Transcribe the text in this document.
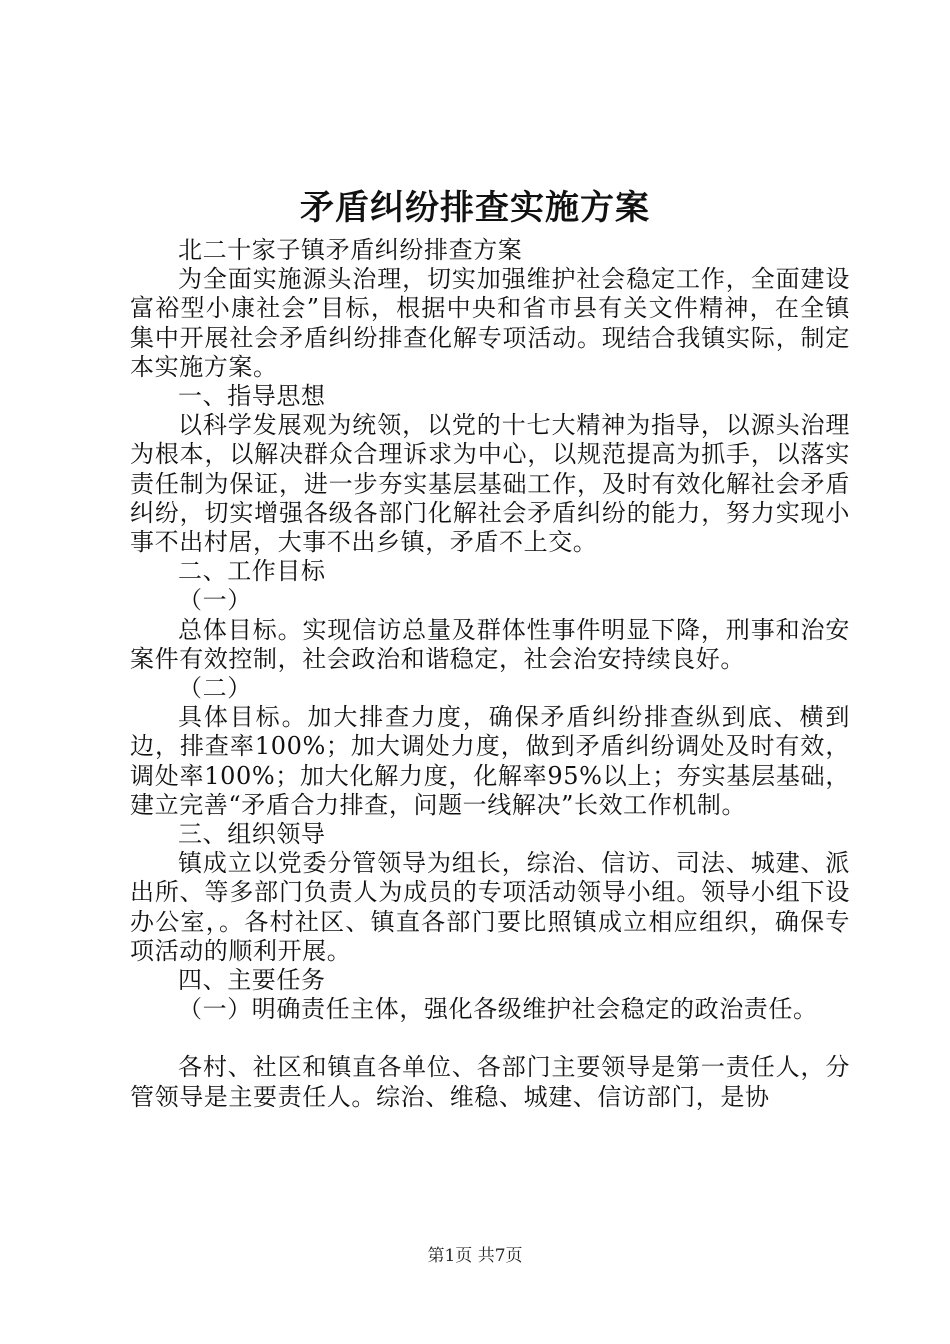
矛盾纠纷排查实施方案

北二十家子镇矛盾纠纷排查方案

为全面实施源头治理，切实加强维护社会稳定工作，全面建设富裕型小康社会”目标，根据中央和省市县有关文件精神，在全镇集中开展社会矛盾纠纷排查化解专项活动。现结合我镇实际，制定本实施方案。

一、指导思想

以科学发展观为统领，以党的十七大精神为指导，以源头治理为根本，以解决群众合理诉求为中心，以规范提高为抓手，以落实责任制为保证，进一步夯实基层基础工作，及时有效化解社会矛盾纠纷，切实增强各级各部门化解社会矛盾纠纷的能力，努力实现小事不出村居，大事不出乡镇，矛盾不上交。

二、工作目标

（一）

总体目标。实现信访总量及群体性事件明显下降，刑事和治安案件有效控制，社会政治和谐稳定，社会治安持续良好。

（二）

具体目标。加大排查力度，确保矛盾纠纷排查纵到底、横到边，排查率100%；加大调处力度，做到矛盾纠纷调处及时有效，调处率100%；加大化解力度，化解率95%以上；夯实基层基础，建立完善“矛盾合力排查，问题一线解决”长效工作机制。

三、组织领导

镇成立以党委分管领导为组长，综治、信访、司法、城建、派出所、等多部门负责人为成员的专项活动领导小组。领导小组下设办公室，。各村社区、镇直各部门要比照镇成立相应组织，确保专项活动的顺利开展。

四、主要任务

（一）明确责任主体，强化各级维护社会稳定的政治责任。

各村、社区和镇直各单位、各部门主要领导是第一责任人，分管领导是主要责任人。综治、维稳、城建、信访部门，是协

第1页 共7页
